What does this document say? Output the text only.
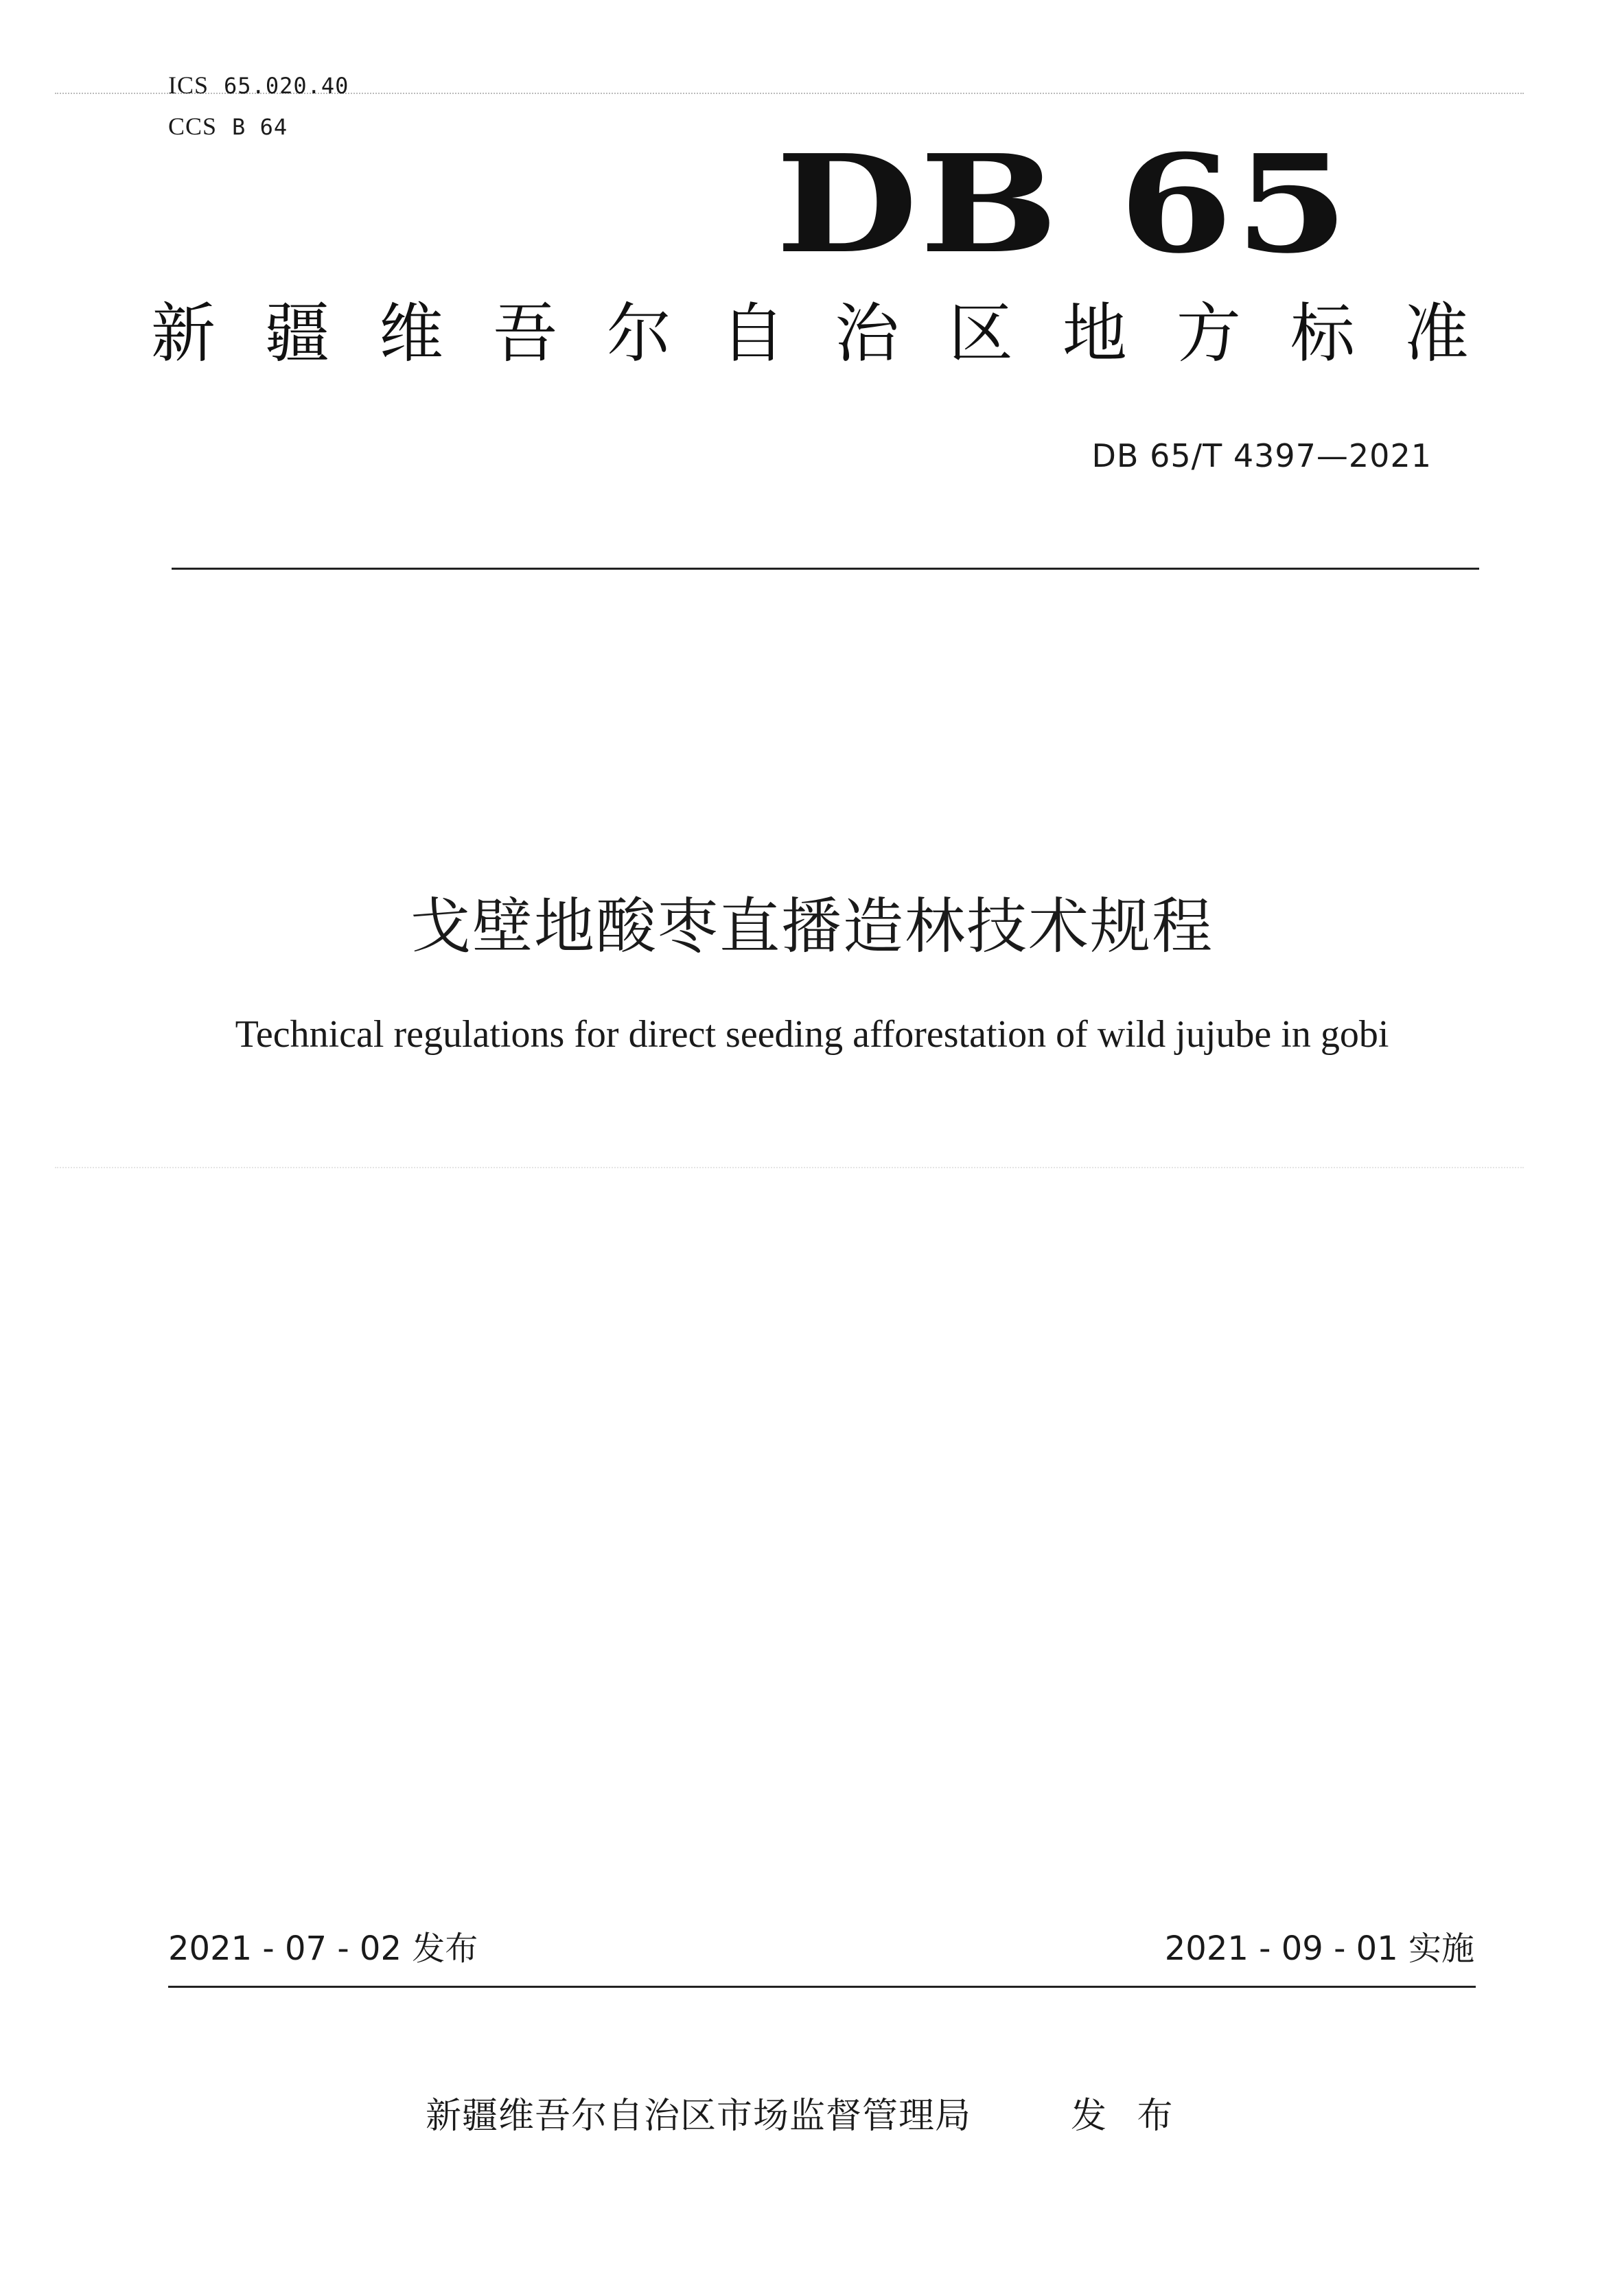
ICS 65.020.40
CCS B 64	DB 65
新 疆 维 吾 尔 自 治 区 地 方 标 准
DB 65/T 4397—2021
戈壁地酸枣直播造林技术规程
Technical regulations for direct seeding afforestation of wild jujube in gobi
2021 - 07 - 02 发布	2021 - 09 - 01 实施
新疆维吾尔自治区市场监督管理局	发 布
